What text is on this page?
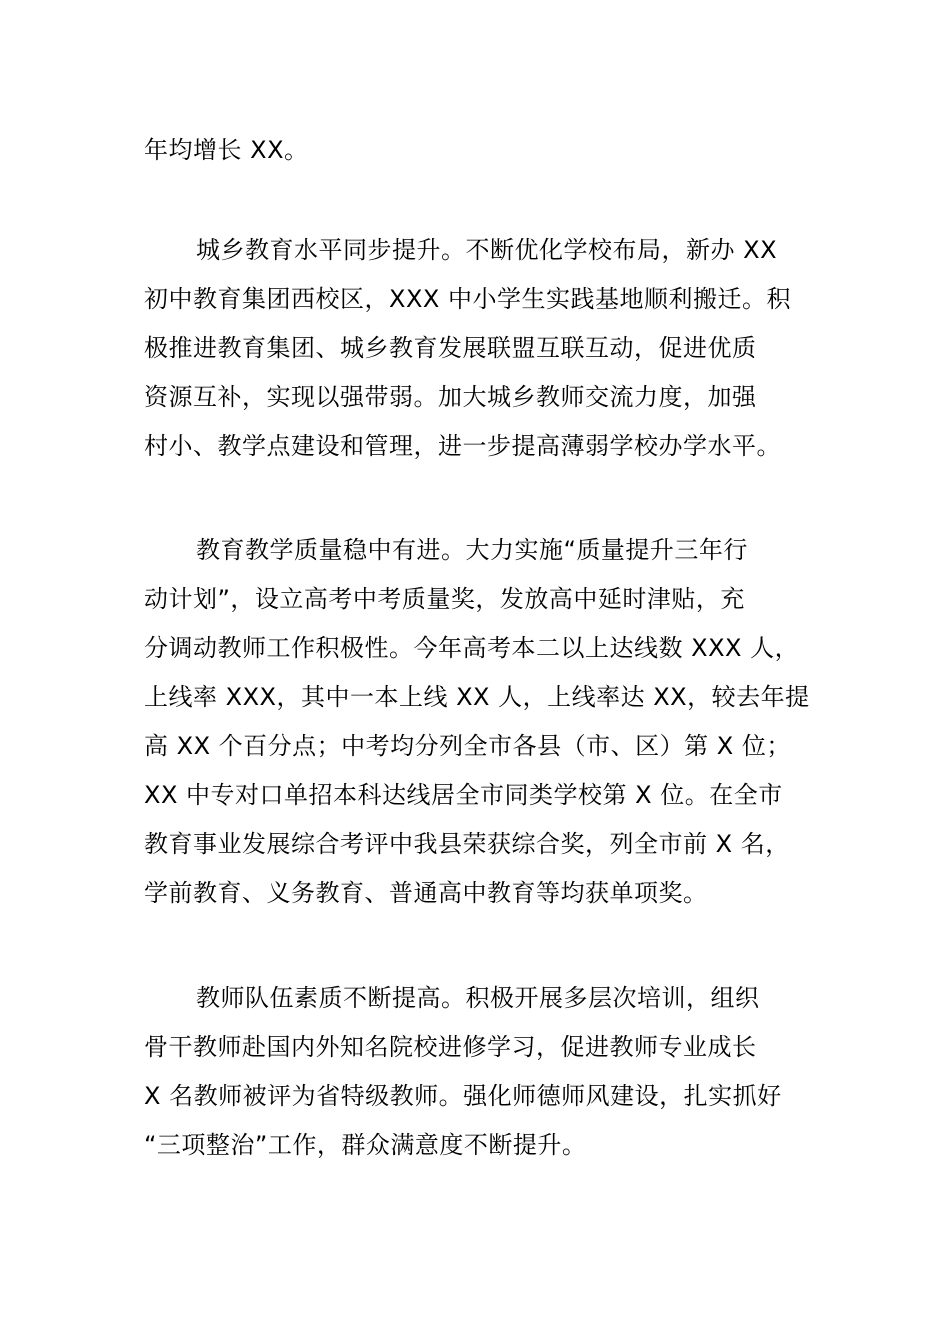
年均增长 XX。
城乡教育水平同步提升。不断优化学校布局，新办 XX
初中教育集团西校区，XXX 中小学生实践基地顺利搬迁。积
极推进教育集团、城乡教育发展联盟互联互动，促进优质
资源互补，实现以强带弱。加大城乡教师交流力度，加强
村小、教学点建设和管理，进一步提高薄弱学校办学水平。
教育教学质量稳中有进。大力实施“质量提升三年行
动计划”，设立高考中考质量奖，发放高中延时津贴，充
分调动教师工作积极性。今年高考本二以上达线数 XXX 人，
上线率 XXX，其中一本上线 XX 人，上线率达 XX，较去年提
高 XX 个百分点；中考均分列全市各县（市、区）第 X 位；
XX 中专对口单招本科达线居全市同类学校第 X 位。在全市
教育事业发展综合考评中我县荣获综合奖，列全市前 X 名，
学前教育、义务教育、普通高中教育等均获单项奖。
教师队伍素质不断提高。积极开展多层次培训，组织
骨干教师赴国内外知名院校进修学习，促进教师专业成长
X 名教师被评为省特级教师。强化师德师风建设，扎实抓好
“三项整治”工作，群众满意度不断提升。
